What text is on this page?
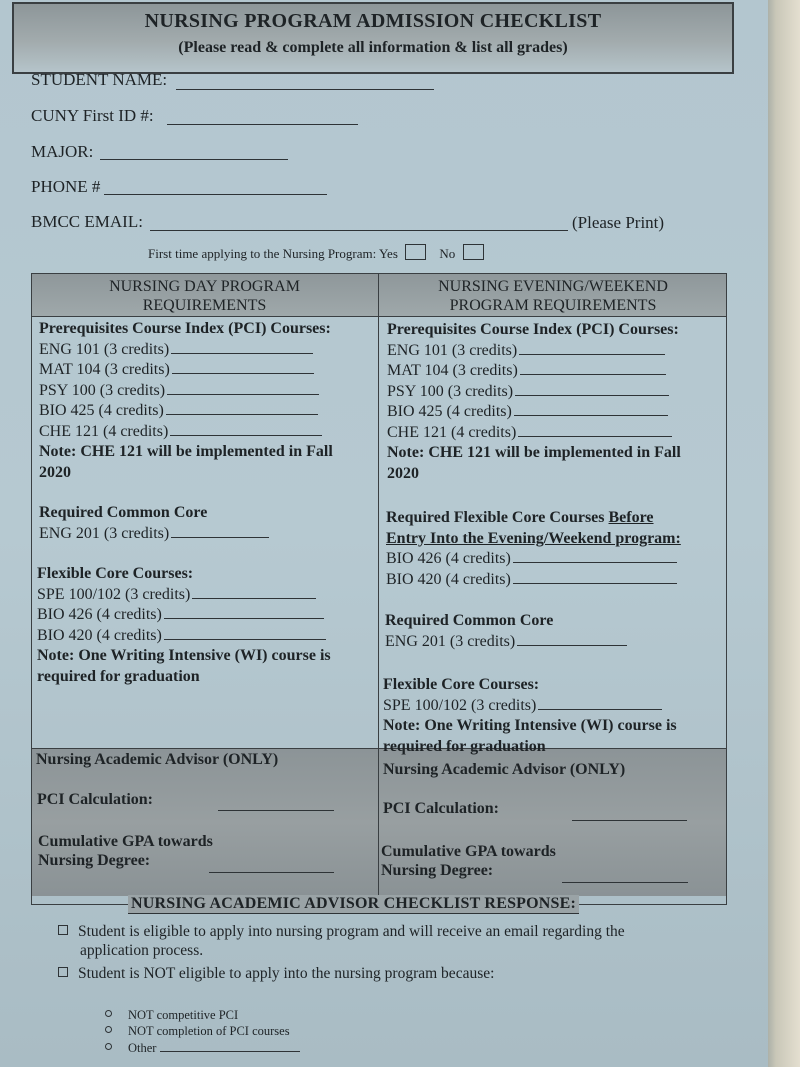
NURSING PROGRAM ADMISSION CHECKLIST
(Please read & complete all information & list all grades)
STUDENT NAME:
CUNY First ID #:
MAJOR:
PHONE #
BMCC EMAIL:	(Please Print)
First time applying to the Nursing Program: Yes	No
NURSING DAY PROGRAM
REQUIREMENTS
NURSING EVENING/WEEKEND
PROGRAM REQUIREMENTS
Prerequisites Course Index (PCI) Courses:
ENG 101 (3 credits)
MAT 104 (3 credits)
PSY 100 (3 credits)
BIO 425 (4 credits)
CHE 121 (4 credits)
Note: CHE 121 will be implemented in Fall
2020
Required Common Core
ENG 201 (3 credits)
Flexible Core Courses:
SPE 100/102 (3 credits)
BIO 426 (4 credits)
BIO 420 (4 credits)
Note: One Writing Intensive (WI) course is
required for graduation
Nursing Academic Advisor (ONLY)
PCI Calculation:
Cumulative GPA towards
Nursing Degree:
Prerequisites Course Index (PCI) Courses:
ENG 101 (3 credits)
MAT 104 (3 credits)
PSY 100 (3 credits)
BIO 425 (4 credits)
CHE 121 (4 credits)
Note: CHE 121 will be implemented in Fall
2020
Required Flexible Core Courses Before
Entry Into the Evening/Weekend program:
BIO 426 (4 credits)
BIO 420 (4 credits)
Required Common Core
ENG 201 (3 credits)
Flexible Core Courses:
SPE 100/102 (3 credits)
Note: One Writing Intensive (WI) course is
required for graduation
Nursing Academic Advisor (ONLY)
PCI Calculation:
Cumulative GPA towards
Nursing Degree:
NURSING ACADEMIC ADVISOR CHECKLIST RESPONSE:
Student is eligible to apply into nursing program and will receive an email regarding the
application process.
Student is NOT eligible to apply into the nursing program because:
NOT competitive PCI
NOT completion of PCI courses
Other
